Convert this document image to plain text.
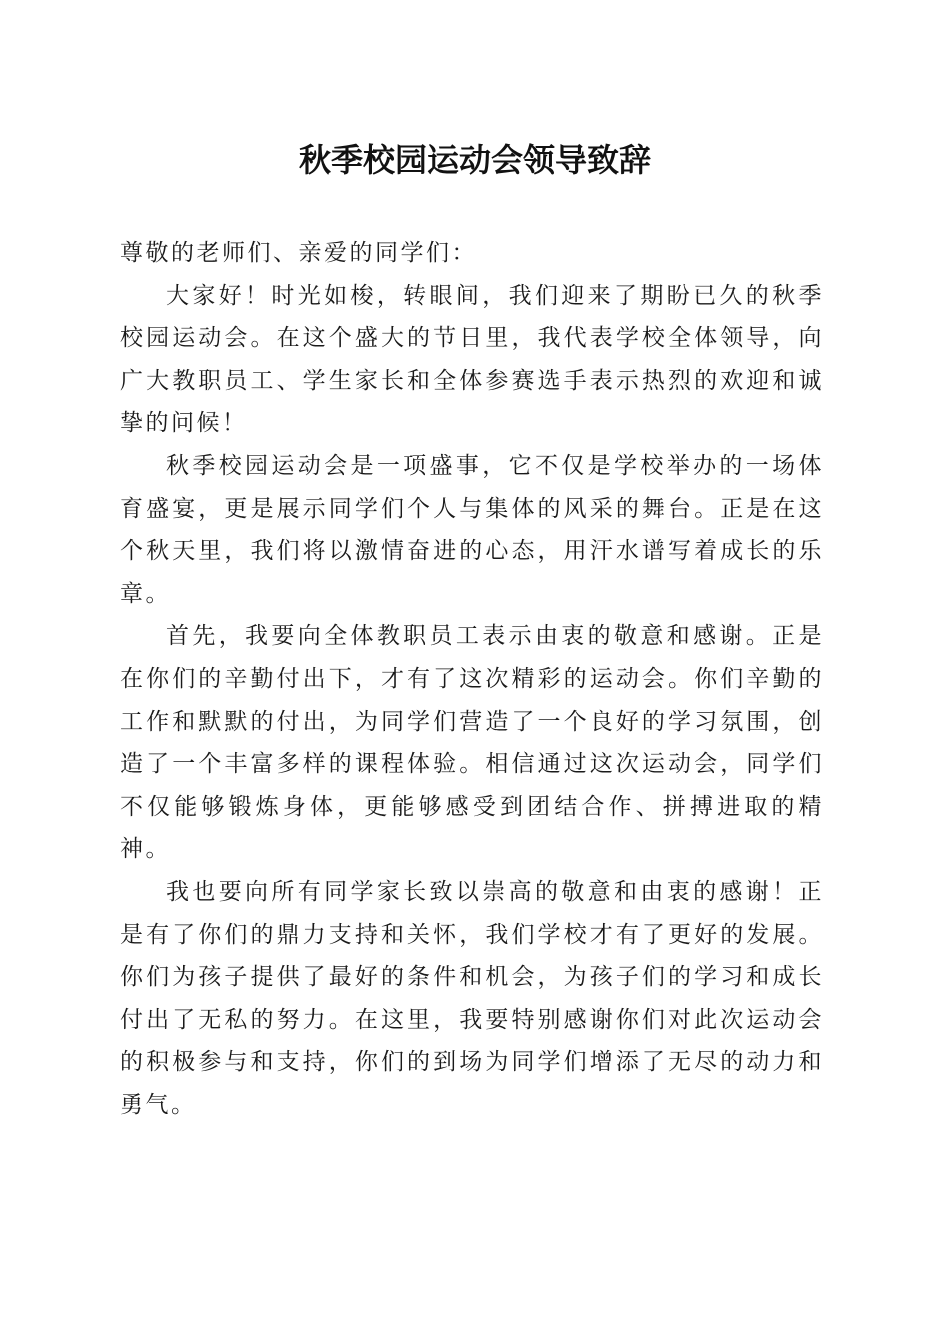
秋季校园运动会领导致辞

尊敬的老师们、亲爱的同学们：

大家好！时光如梭，转眼间，我们迎来了期盼已久的秋季校园运动会。在这个盛大的节日里，我代表学校全体领导，向广大教职员工、学生家长和全体参赛选手表示热烈的欢迎和诚挚的问候！

秋季校园运动会是一项盛事，它不仅是学校举办的一场体育盛宴，更是展示同学们个人与集体的风采的舞台。正是在这个秋天里，我们将以激情奋进的心态，用汗水谱写着成长的乐章。

首先，我要向全体教职员工表示由衷的敬意和感谢。正是在你们的辛勤付出下，才有了这次精彩的运动会。你们辛勤的工作和默默的付出，为同学们营造了一个良好的学习氛围，创造了一个丰富多样的课程体验。相信通过这次运动会，同学们不仅能够锻炼身体，更能够感受到团结合作、拼搏进取的精神。

我也要向所有同学家长致以崇高的敬意和由衷的感谢！正是有了你们的鼎力支持和关怀，我们学校才有了更好的发展。你们为孩子提供了最好的条件和机会，为孩子们的学习和成长付出了无私的努力。在这里，我要特别感谢你们对此次运动会的积极参与和支持，你们的到场为同学们增添了无尽的动力和勇气。
